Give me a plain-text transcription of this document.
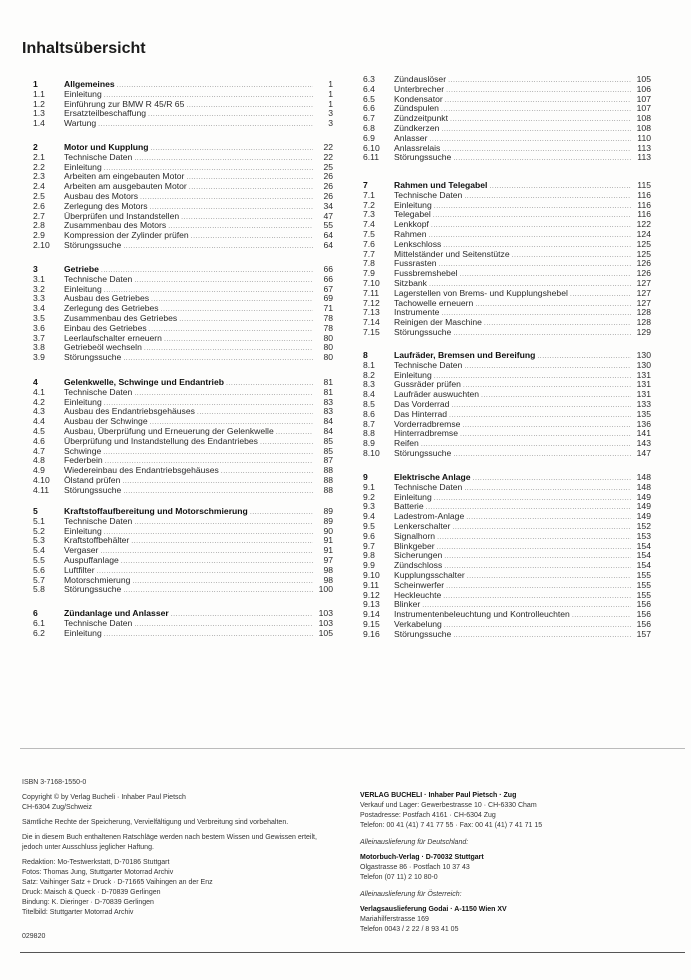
Inhaltsübersicht
1	Allgemeines .....	1
1.1	Einleitung .....	1
1.2	Einführung zur BMW R 45/R 65 .....	1
1.3	Ersatzteilbeschaffung .....	3
1.4	Wartung .....	3
2	Motor und Kupplung .....	22
2.1	Technische Daten .....	22
2.2	Einleitung .....	25
2.3	Arbeiten am eingebauten Motor .....	26
2.4	Arbeiten am ausgebauten Motor .....	26
2.5	Ausbau des Motors .....	26
2.6	Zerlegung des Motors .....	34
2.7	Überprüfen und Instandstellen .....	47
2.8	Zusammenbau des Motors .....	55
2.9	Kompression der Zylinder prüfen .....	64
2.10	Störungssuche .....	64
3	Getriebe .....	66
3.1	Technische Daten .....	66
3.2	Einleitung .....	67
3.3	Ausbau des Getriebes .....	69
3.4	Zerlegung des Getriebes .....	71
3.5	Zusammenbau des Getriebes .....	78
3.6	Einbau des Getriebes .....	78
3.7	Leerlaufschalter erneuern .....	80
3.8	Getriebeöl wechseln .....	80
3.9	Störungssuche .....	80
4	Gelenkwelle, Schwinge und Endantrieb .....	81
4.1	Technische Daten .....	81
4.2	Einleitung .....	83
4.3	Ausbau des Endantriebsgehäuses .....	83
4.4	Ausbau der Schwinge .....	84
4.5	Ausbau, Überprüfung und Erneuerung der Gelenkwelle .....	84
4.6	Überprüfung und Instandstellung des Endantriebes .....	85
4.7	Schwinge .....	85
4.8	Federbein .....	87
4.9	Wiedereinbau des Endantriebsgehäuses .....	88
4.10	Ölstand prüfen .....	88
4.11	Störungssuche .....	88
5	Kraftstoffaufbereitung und Motorschmierung .....	89
5.1	Technische Daten .....	89
5.2	Einleitung .....	90
5.3	Kraftstoffbehälter .....	91
5.4	Vergaser .....	91
5.5	Auspuffanlage .....	97
5.6	Luftfilter .....	98
5.7	Motorschmierung .....	98
5.8	Störungssuche .....	100
6	Zündanlage und Anlasser .....	103
6.1	Technische Daten .....	103
6.2	Einleitung .....	105
6.3	Zündauslöser .....	105
6.4	Unterbrecher .....	106
6.5	Kondensator .....	107
6.6	Zündspulen .....	107
6.7	Zündzeitpunkt .....	108
6.8	Zündkerzen .....	108
6.9	Anlasser .....	110
6.10	Anlassrelais .....	113
6.11	Störungssuche .....	113
7	Rahmen und Telegabel .....	115
7.1	Technische Daten .....	116
7.2	Einleitung .....	116
7.3	Telegabel .....	116
7.4	Lenkkopf .....	122
7.5	Rahmen .....	124
7.6	Lenkschloss .....	125
7.7	Mittelständer und Seitenstütze .....	125
7.8	Fussrasten .....	126
7.9	Fussbremshebel .....	126
7.10	Sitzbank .....	127
7.11	Lagerstellen von Brems- und Kupplungshebel .....	127
7.12	Tachowelle erneuern .....	127
7.13	Instrumente .....	128
7.14	Reinigen der Maschine .....	128
7.15	Störungssuche .....	129
8	Laufräder, Bremsen und Bereifung .....	130
8.1	Technische Daten .....	130
8.2	Einleitung .....	131
8.3	Gussräder prüfen .....	131
8.4	Laufräder auswuchten .....	131
8.5	Das Vorderrad .....	133
8.6	Das Hinterrad .....	135
8.7	Vorderradbremse .....	136
8.8	Hinterradbremse .....	141
8.9	Reifen .....	143
8.10	Störungssuche .....	147
9	Elektrische Anlage .....	148
9.1	Technische Daten .....	148
9.2	Einleitung .....	149
9.3	Batterie .....	149
9.4	Ladestrom-Anlage .....	149
9.5	Lenkerschalter .....	152
9.6	Signalhorn .....	153
9.7	Blinkgeber .....	154
9.8	Sicherungen .....	154
9.9	Zündschloss .....	154
9.10	Kupplungsschalter .....	155
9.11	Scheinwerfer .....	155
9.12	Heckleuchte .....	155
9.13	Blinker .....	156
9.14	Instrumentenbeleuchtung und Kontrolleuchten .....	156
9.15	Verkabelung .....	156
9.16	Störungssuche .....	157

ISBN 3-7168-1550-0

Copyright © by Verlag Bucheli · Inhaber Paul Pietsch

CH-6304 Zug/Schweiz

Sämtliche Rechte der Speicherung, Vervielfältigung und Verbreitung sind vorbehalten.

Die in diesem Buch enthaltenen Ratschläge werden nach bestem Wissen und Gewissen erteilt,

jedoch unter Ausschluss jeglicher Haftung.

Redaktion: Mo-Testwerkstatt, D-70186 Stuttgart
Fotos: Thomas Jung, Stuttgarter Motorrad Archiv
Satz: Vaihinger Satz + Druck · D-71665 Vaihingen an der Enz
Druck: Maisch & Queck · D-70839 Gerlingen
Bindung: K. Dieringer · D-70839 Gerlingen
Titelbild: Stuttgarter Motorrad Archiv
029820
VERLAG BUCHELI · Inhaber Paul Pietsch · Zug
Verkauf und Lager: Gewerbestrasse 10 · CH-6330 Cham
Postadresse: Postfach 4161 · CH-6304 Zug

Telefon: 00 41 (41) 7 41 77 55 · Fax: 00 41 (41) 7 41 71 15

Alleinauslieferung für Deutschland:
Motorbuch-Verlag · D-70032 Stuttgart
Olgastrasse 86 · Postfach 10 37 43

Telefon (07 11) 2 10 80-0

Alleinauslieferung für Österreich:
Verlagsauslieferung Godai · A-1150 Wien XV
Mariahilferstrasse 169
Telefon 0043 / 2 22 / 8 93 41 05
